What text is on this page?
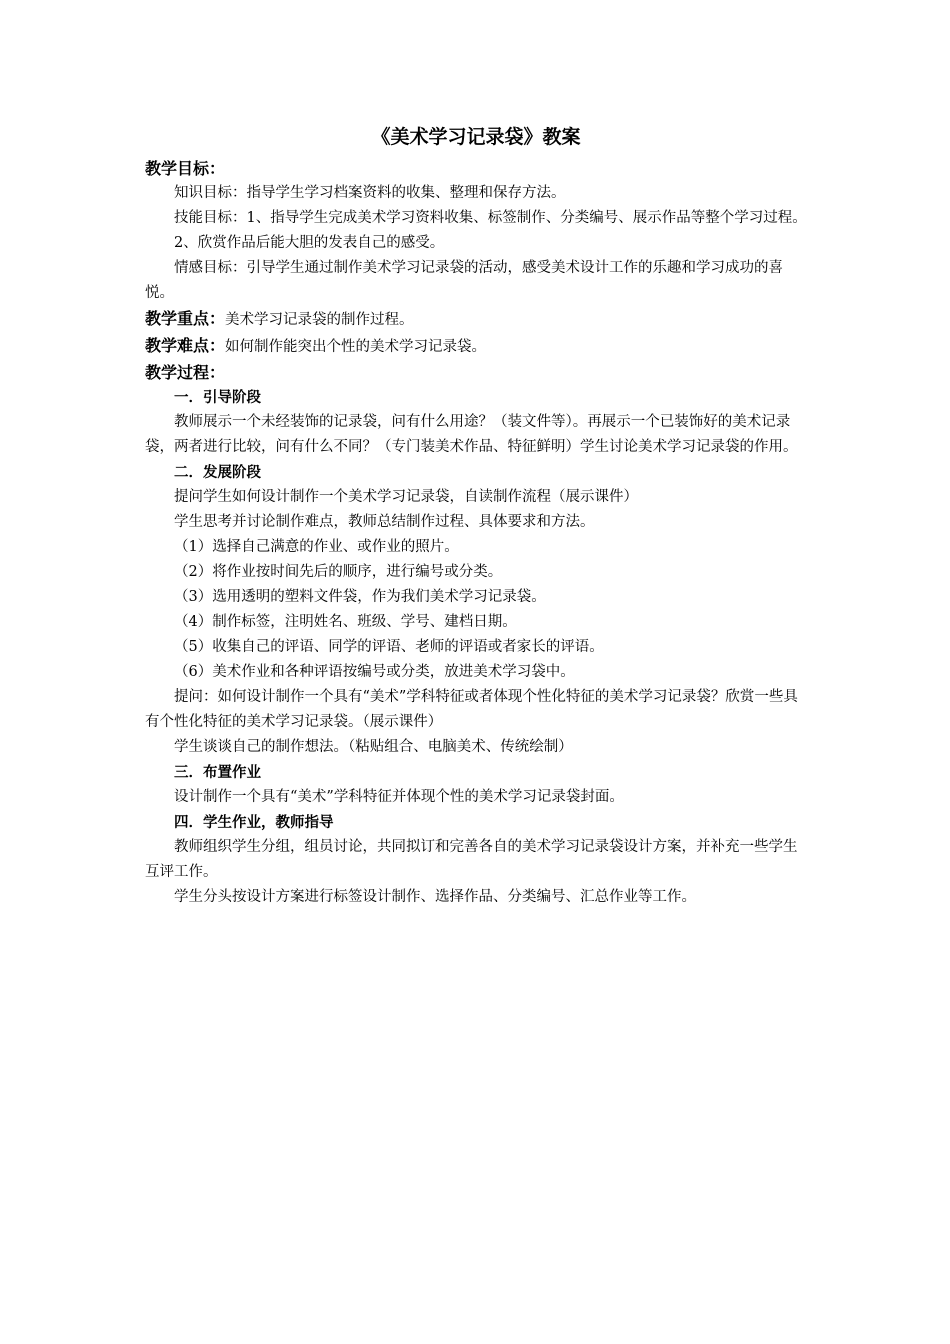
《美术学习记录袋》教案
教学目标：
知识目标：指导学生学习档案资料的收集、整理和保存方法。
技能目标：1、指导学生完成美术学习资料收集、标签制作、分类编号、展示作品等整个学习过程。
2、欣赏作品后能大胆的发表自己的感受。
情感目标：引导学生通过制作美术学习记录袋的活动，感受美术设计工作的乐趣和学习成功的喜悦。
教学重点：美术学习记录袋的制作过程。
教学难点：如何制作能突出个性的美术学习记录袋。
教学过程：
一．引导阶段
教师展示一个未经装饰的记录袋，问有什么用途？（装文件等）。再展示一个已装饰好的美术记录袋，两者进行比较，问有什么不同？（专门装美术作品、特征鲜明）学生讨论美术学习记录袋的作用。
二．发展阶段
提问学生如何设计制作一个美术学习记录袋，自读制作流程（展示课件）
学生思考并讨论制作难点，教师总结制作过程、具体要求和方法。
（1）选择自己满意的作业、或作业的照片。
（2）将作业按时间先后的顺序，进行编号或分类。
（3）选用透明的塑料文件袋，作为我们美术学习记录袋。
（4）制作标签，注明姓名、班级、学号、建档日期。
（5）收集自己的评语、同学的评语、老师的评语或者家长的评语。
（6）美术作业和各种评语按编号或分类，放进美术学习袋中。
提问：如何设计制作一个具有“美术”学科特征或者体现个性化特征的美术学习记录袋？欣赏一些具有个性化特征的美术学习记录袋。（展示课件）
学生谈谈自己的制作想法。（粘贴组合、电脑美术、传统绘制）
三．布置作业
设计制作一个具有“美术”学科特征并体现个性的美术学习记录袋封面。
四．学生作业，教师指导
教师组织学生分组，组员讨论，共同拟订和完善各自的美术学习记录袋设计方案，并补充一些学生互评工作。
学生分头按设计方案进行标签设计制作、选择作品、分类编号、汇总作业等工作。
